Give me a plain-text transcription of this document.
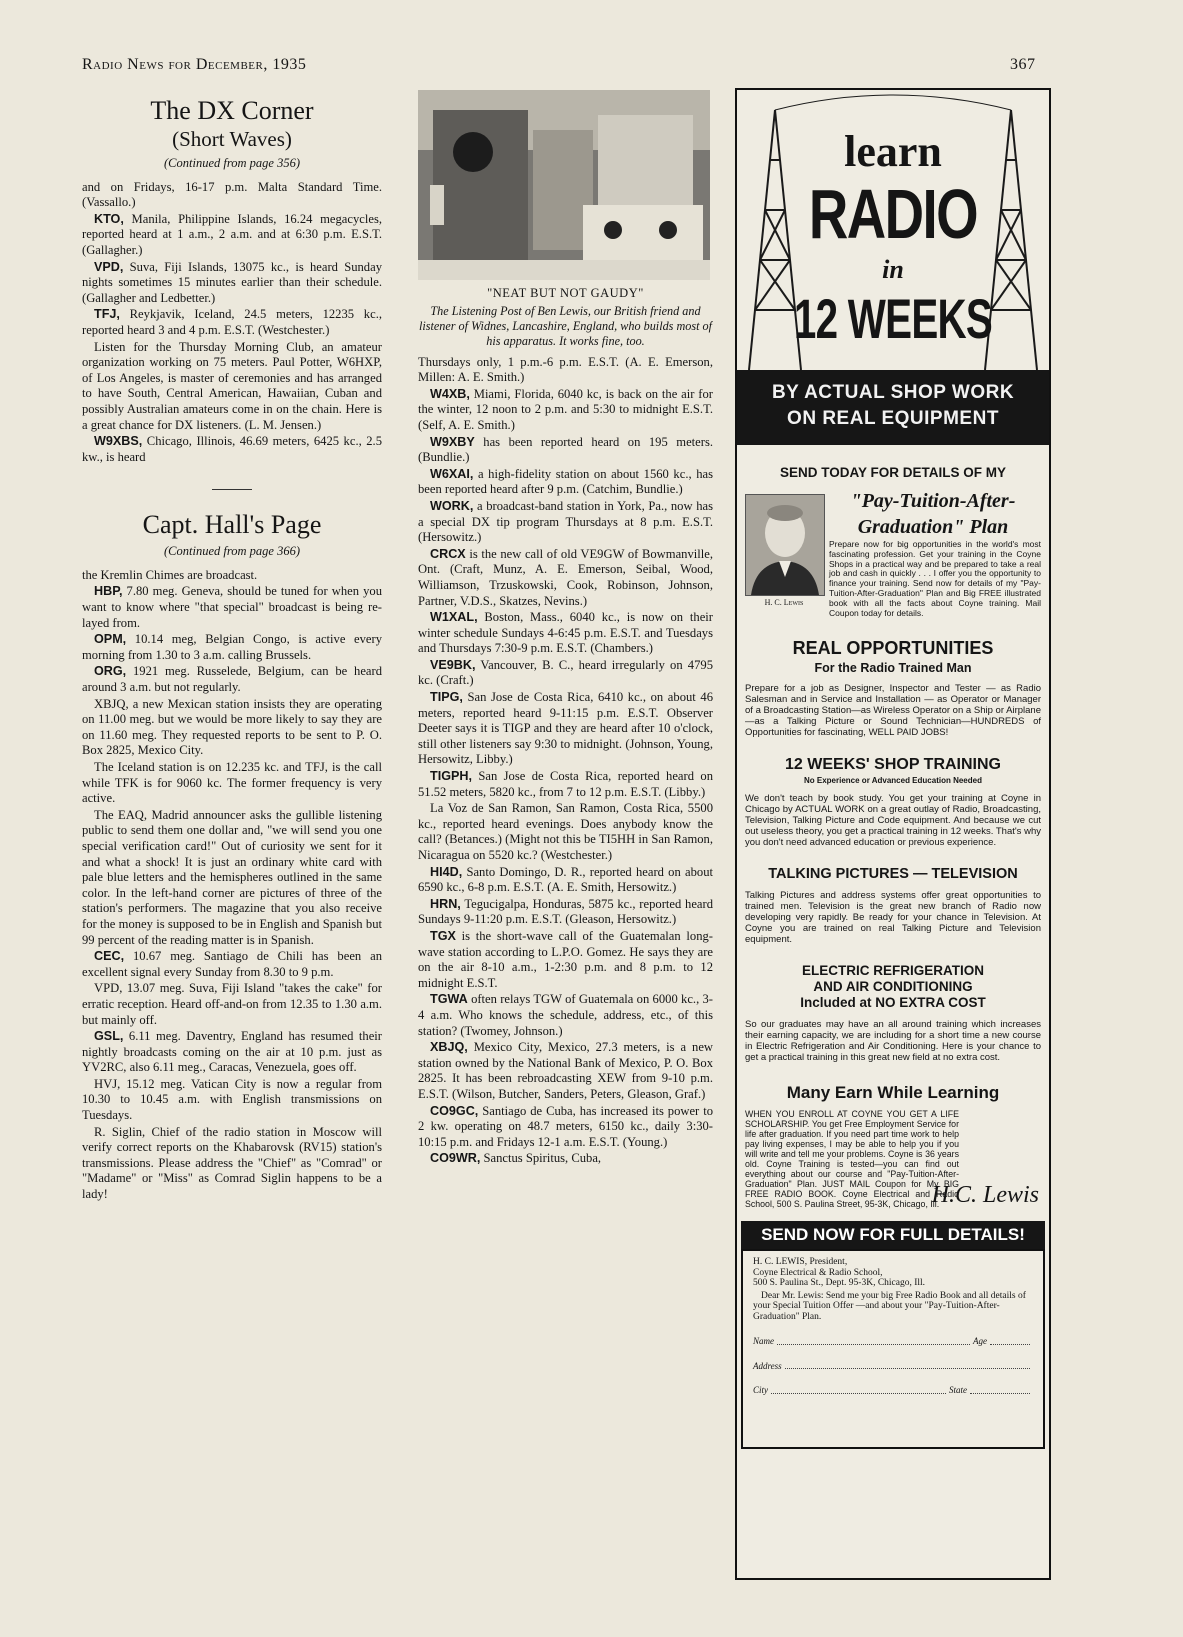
Radio News for December, 1935	367
The DX Corner
(Short Waves)
(Continued from page 356)

and on Fridays, 16-17 p.m. Malta Standard Time. (Vassallo.)

KTO, Manila, Philippine Islands, 16.24 megacycles, reported heard at 1 a.m., 2 a.m. and at 6:30 p.m. E.S.T. (Gallagher.)

VPD, Suva, Fiji Islands, 13075 kc., is heard Sunday nights sometimes 15 minutes earlier than their schedule. (Gallagher and Ledbetter.)

TFJ, Reykjavik, Iceland, 24.5 meters, 12235 kc., reported heard 3 and 4 p.m. E.S.T. (Westchester.)

Listen for the Thursday Morning Club, an amateur organization working on 75 meters. Paul Potter, W6HXP, of Los Angeles, is master of ceremonies and has arranged to have South, Central American, Hawaiian, Cuban and possibly Australian amateurs come in on the chain. Here is a great chance for DX listeners. (L. M. Jensen.)

W9XBS, Chicago, Illinois, 46.69 meters, 6425 kc., 2.5 kw., is heard

Capt. Hall's Page
(Continued from page 366)

the Kremlin Chimes are broadcast.

HBP, 7.80 meg. Geneva, should be tuned for when you want to know where "that special" broadcast is being re-layed from.

OPM, 10.14 meg, Belgian Congo, is active every morning from 1.30 to 3 a.m. calling Brussels.

ORG, 1921 meg. Russelede, Belgium, can be heard around 3 a.m. but not regularly.

XBJQ, a new Mexican station insists they are operating on 11.00 meg. but we would be more likely to say they are on 11.60 meg. They requested reports to be sent to P. O. Box 2825, Mexico City.

The Iceland station is on 12.235 kc. and TFJ, is the call while TFK is for 9060 kc. The former frequency is very active.

The EAQ, Madrid announcer asks the gullible listening public to send them one dollar and, "we will send you one special verification card!" Out of curiosity we sent for it and what a shock! It is just an ordinary white card with pale blue letters and the hemispheres outlined in the same color. In the left-hand corner are pictures of three of the station's performers. The magazine that you also receive for the money is supposed to be in English and Spanish but 99 percent of the reading matter is in Spanish.

CEC, 10.67 meg. Santiago de Chili has been an excellent signal every Sunday from 8.30 to 9 p.m.

VPD, 13.07 meg. Suva, Fiji Island "takes the cake" for erratic reception. Heard off-and-on from 12.35 to 1.30 a.m. but mainly off.

GSL, 6.11 meg. Daventry, England has resumed their nightly broadcasts coming on the air at 10 p.m. just as YV2RC, also 6.11 meg., Caracas, Venezuela, goes off.

HVJ, 15.12 meg. Vatican City is now a regular from 10.30 to 10.45 a.m. with English transmissions on Tuesdays.

R. Siglin, Chief of the radio station in Moscow will verify correct reports on the Khabarovsk (RV15) station's transmissions. Please address the "Chief" as "Comrad" or "Madame" or "Miss" as Comrad Siglin happens to be a lady!

"NEAT BUT NOT GAUDY"
The Listening Post of Ben Lewis, our British friend and listener of Widnes, Lancashire, England, who builds most of his apparatus. It works fine, too.

Thursdays only, 1 p.m.-6 p.m. E.S.T. (A. E. Emerson, Millen: A. E. Smith.)

W4XB, Miami, Florida, 6040 kc, is back on the air for the winter, 12 noon to 2 p.m. and 5:30 to midnight E.S.T. (Self, A. E. Smith.)

W9XBY has been reported heard on 195 meters. (Bundlie.)

W6XAI, a high-fidelity station on about 1560 kc., has been reported heard after 9 p.m. (Catchim, Bundlie.)

WORK, a broadcast-band station in York, Pa., now has a special DX tip program Thursdays at 8 p.m. E.S.T. (Hersowitz.)

CRCX is the new call of old VE9GW of Bowmanville, Ont. (Craft, Munz, A. E. Emerson, Seibal, Wood, Williamson, Trzuskowski, Cook, Robinson, Johnson, Partner, V.D.S., Skatzes, Nevins.)

W1XAL, Boston, Mass., 6040 kc., is now on their winter schedule Sundays 4-6:45 p.m. E.S.T. and Tuesdays and Thursdays 7:30-9 p.m. E.S.T. (Chambers.)

VE9BK, Vancouver, B. C., heard irregularly on 4795 kc. (Craft.)

TIPG, San Jose de Costa Rica, 6410 kc., on about 46 meters, reported heard 9-11:15 p.m. E.S.T. Observer Deeter says it is TIGP and they are heard after 10 o'clock, still other listeners say 9:30 to midnight. (Johnson, Young, Hersowitz, Libby.)

TIGPH, San Jose de Costa Rica, reported heard on 51.52 meters, 5820 kc., from 7 to 12 p.m. E.S.T. (Libby.)

La Voz de San Ramon, San Ramon, Costa Rica, 5500 kc., reported heard evenings. Does anybody know the call? (Betances.) (Might not this be TI5HH in San Ramon, Nicaragua on 5520 kc.? (Westchester.)

HI4D, Santo Domingo, D. R., reported heard on about 6590 kc., 6-8 p.m. E.S.T. (A. E. Smith, Hersowitz.)

HRN, Tegucigalpa, Honduras, 5875 kc., reported heard Sundays 9-11:20 p.m. E.S.T. (Gleason, Hersowitz.)

TGX is the short-wave call of the Guatemalan long-wave station according to L.P.O. Gomez. He says they are on the air 8-10 a.m., 1-2:30 p.m. and 8 p.m. to 12 midnight E.S.T.

TGWA often relays TGW of Guatemala on 6000 kc., 3-4 a.m. Who knows the schedule, address, etc., of this station? (Twomey, Johnson.)

XBJQ, Mexico City, Mexico, 27.3 meters, is a new station owned by the National Bank of Mexico, P. O. Box 2825. It has been rebroadcasting XEW from 9-10 p.m. E.S.T. (Wilson, Butcher, Sanders, Peters, Gleason, Graf.)

CO9GC, Santiago de Cuba, has increased its power to 2 kw. operating on 48.7 meters, 6150 kc., daily 3:30-10:15 p.m. and Fridays 12-1 a.m. E.S.T. (Young.)

CO9WR, Sanctus Spiritus, Cuba,

learn
RADIO
in
12 WEEKS
BY ACTUAL SHOP WORK
ON REAL EQUIPMENT
SEND TODAY FOR DETAILS OF MY
"Pay-Tuition-After-
Graduation" Plan
Prepare now for big opportunities in the world's most fascinating profession. Get your training in the Coyne Shops in a practical way and be prepared to take a real job and cash in quickly . . . I offer you the opportunity to finance your training. Send now for details of my "Pay-Tuition-After-Graduation" Plan and Big FREE illustrated book with all the facts about Coyne training. Mail Coupon today for details.
H. C. Lewis
REAL OPPORTUNITIES
For the Radio Trained Man
Prepare for a job as Designer, Inspector and Tester — as Radio Salesman and in Service and Installation — as Operator or Manager of a Broadcasting Station—as Wireless Operator on a Ship or Airplane—as a Talking Picture or Sound Technician—HUNDREDS of Opportunities for fascinating, WELL PAID JOBS!
12 WEEKS' SHOP TRAINING
No Experience or Advanced Education Needed
We don't teach by book study. You get your training at Coyne in Chicago by ACTUAL WORK on a great outlay of Radio, Broadcasting, Television, Talking Picture and Code equipment. And because we cut out useless theory, you get a practical training in 12 weeks. That's why you don't need advanced education or previous experience.
TALKING PICTURES — TELEVISION
Talking Pictures and address systems offer great opportunities to trained men. Television is the great new branch of Radio now developing very rapidly. Be ready for your chance in Television. At Coyne you are trained on real Talking Picture and Television equipment.
ELECTRIC REFRIGERATION
AND AIR CONDITIONING
Included at NO EXTRA COST
So our graduates may have an all around training which increases their earning capacity, we are including for a short time a new course in Electric Refrigeration and Air Conditioning. Here is your chance to get a practical training in this great new field at no extra cost.
Many Earn While Learning
WHEN YOU ENROLL AT COYNE YOU GET A LIFE SCHOLARSHIP. You get Free Employment Service for life after graduation. If you need part time work to help pay living expenses, I may be able to help you if you will write and tell me your problems. Coyne is 36 years old. Coyne Training is tested—you can find out everything about our course and "Pay-Tuition-After-Graduation" Plan. JUST MAIL Coupon for My BIG FREE RADIO BOOK. Coyne Electrical and Radio School, 500 S. Paulina Street, 95-3K, Chicago, Ill.
H.C. Lewis
SEND NOW FOR FULL DETAILS!
H. C. LEWIS, President,
Coyne Electrical & Radio School,
500 S. Paulina St., Dept. 95-3K, Chicago, Ill.
Dear Mr. Lewis: Send me your big Free Radio Book and all details of your Special Tuition Offer —and about your "Pay-Tuition-After-Graduation" Plan.
Name	Age
Address
City	State
